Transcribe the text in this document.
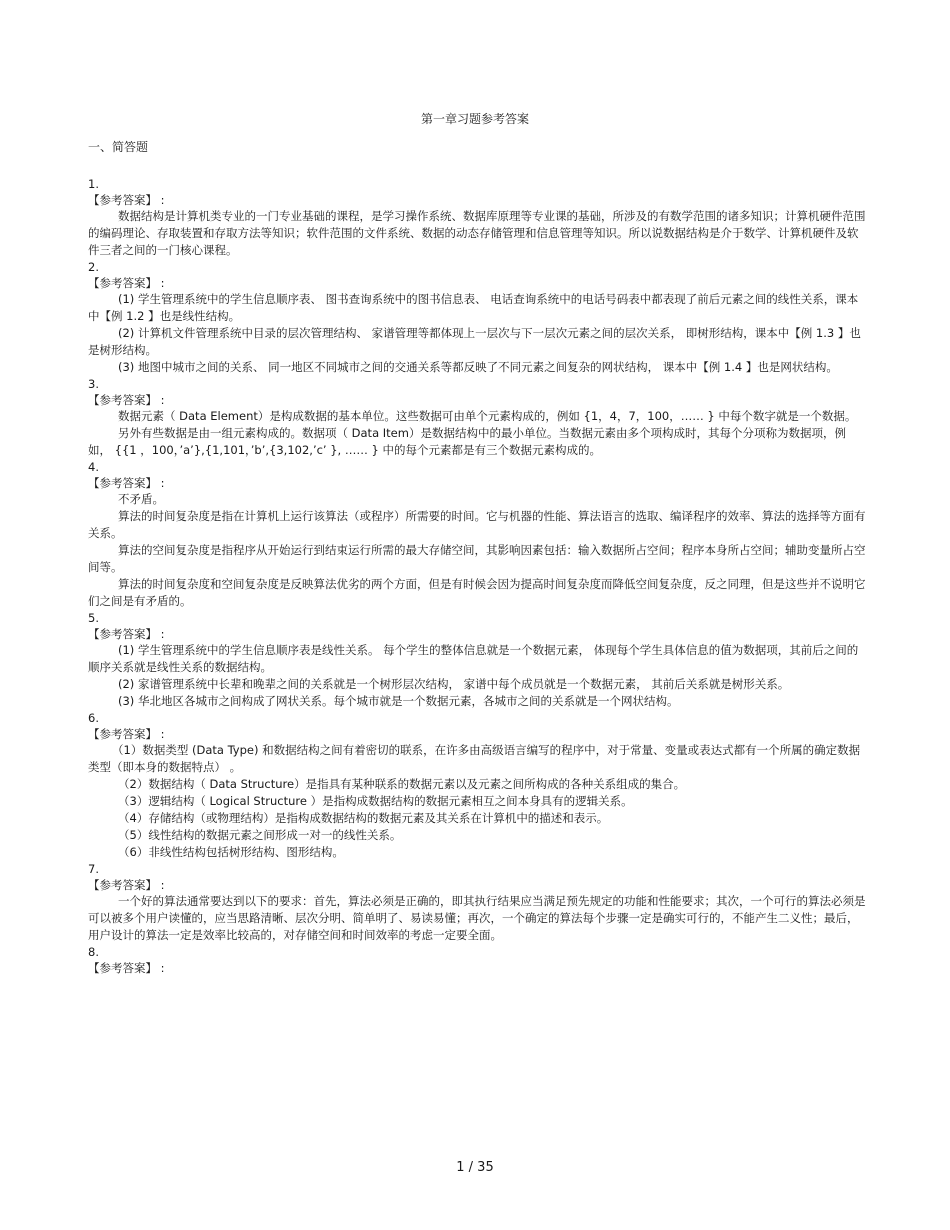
第一章习题参考答案
一、简答题
1.
【参考答案】 :

数据结构是计算机类专业的一门专业基础的课程，是学习操作系统、数据库原理等专业课的基础，所涉及的有数学范围的诸多知识；计算机硬件范围的编码理论、存取装置和存取方法等知识；软件范围的文件系统、数据的动态存储管理和信息管理等知识。所以说数据结构是介于数学、计算机硬件及软件三者之间的一门核心课程。

2.
【参考答案】 :

(1) 学生管理系统中的学生信息顺序表、 图书查询系统中的图书信息表、 电话查询系统中的电话号码表中都表现了前后元素之间的线性关系，课本中【例 1.2 】也是线性结构。

(2) 计算机文件管理系统中目录的层次管理结构、 家谱管理等都体现上一层次与下一层次元素之间的层次关系， 即树形结构，课本中【例 1.3 】也是树形结构。

(3) 地图中城市之间的关系、 同一地区不同城市之间的交通关系等都反映了不同元素之间复杂的网状结构， 课本中【例 1.4 】也是网状结构。

3.
【参考答案】 :

数据元素（ Data Element）是构成数据的基本单位。这些数据可由单个元素构成的，例如 {1，4，7，100，…… } 中每个数字就是一个数据。

另外有些数据是由一组元素构成的。数据项（ Data Item）是数据结构中的最小单位。当数据元素由多个项构成时，其每个分项称为数据项，例如， {{1 ，100，’a’},{1,101，’b’,{3,102,’c’ }, …… } 中的每个元素都是有三个数据元素构成的。

4.
【参考答案】 :

不矛盾。

算法的时间复杂度是指在计算机上运行该算法（或程序）所需要的时间。它与机器的性能、算法语言的选取、编译程序的效率、算法的选择等方面有关系。

算法的空间复杂度是指程序从开始运行到结束运行所需的最大存储空间，其影响因素包括：输入数据所占空间；程序本身所占空间；辅助变量所占空间等。

算法的时间复杂度和空间复杂度是反映算法优劣的两个方面，但是有时候会因为提高时间复杂度而降低空间复杂度，反之同理，但是这些并不说明它们之间是有矛盾的。

5.
【参考答案】 :

(1) 学生管理系统中的学生信息顺序表是线性关系。 每个学生的整体信息就是一个数据元素， 体现每个学生具体信息的值为数据项，其前后之间的顺序关系就是线性关系的数据结构。

(2) 家谱管理系统中长辈和晚辈之间的关系就是一个树形层次结构， 家谱中每个成员就是一个数据元素， 其前后关系就是树形关系。

(3) 华北地区各城市之间构成了网状关系。每个城市就是一个数据元素，各城市之间的关系就是一个网状结构。

6.
【参考答案】 :

（1）数据类型 (Data Type) 和数据结构之间有着密切的联系，在许多由高级语言编写的程序中，对于常量、变量或表达式都有一个所属的确定数据类型（即本身的数据特点） 。

（2）数据结构（ Data Structure）是指具有某种联系的数据元素以及元素之间所构成的各种关系组成的集合。
（3）逻辑结构（ Logical Structure ）是指构成数据结构的数据元素相互之间本身具有的逻辑关系。
（4）存储结构（或物理结构）是指构成数据结构的数据元素及其关系在计算机中的描述和表示。
（5）线性结构的数据元素之间形成一对一的线性关系。
（6）非线性结构包括树形结构、图形结构。
7.
【参考答案】 :

一个好的算法通常要达到以下的要求：首先，算法必须是正确的，即其执行结果应当满足预先规定的功能和性能要求；其次，一个可行的算法必须是可以被多个用户读懂的，应当思路清晰、层次分明、简单明了、易读易懂；再次，一个确定的算法每个步骤一定是确实可行的，不能产生二义性；最后，用户设计的算法一定是效率比较高的，对存储空间和时间效率的考虑一定要全面。

8.
【参考答案】 :
1 / 35
